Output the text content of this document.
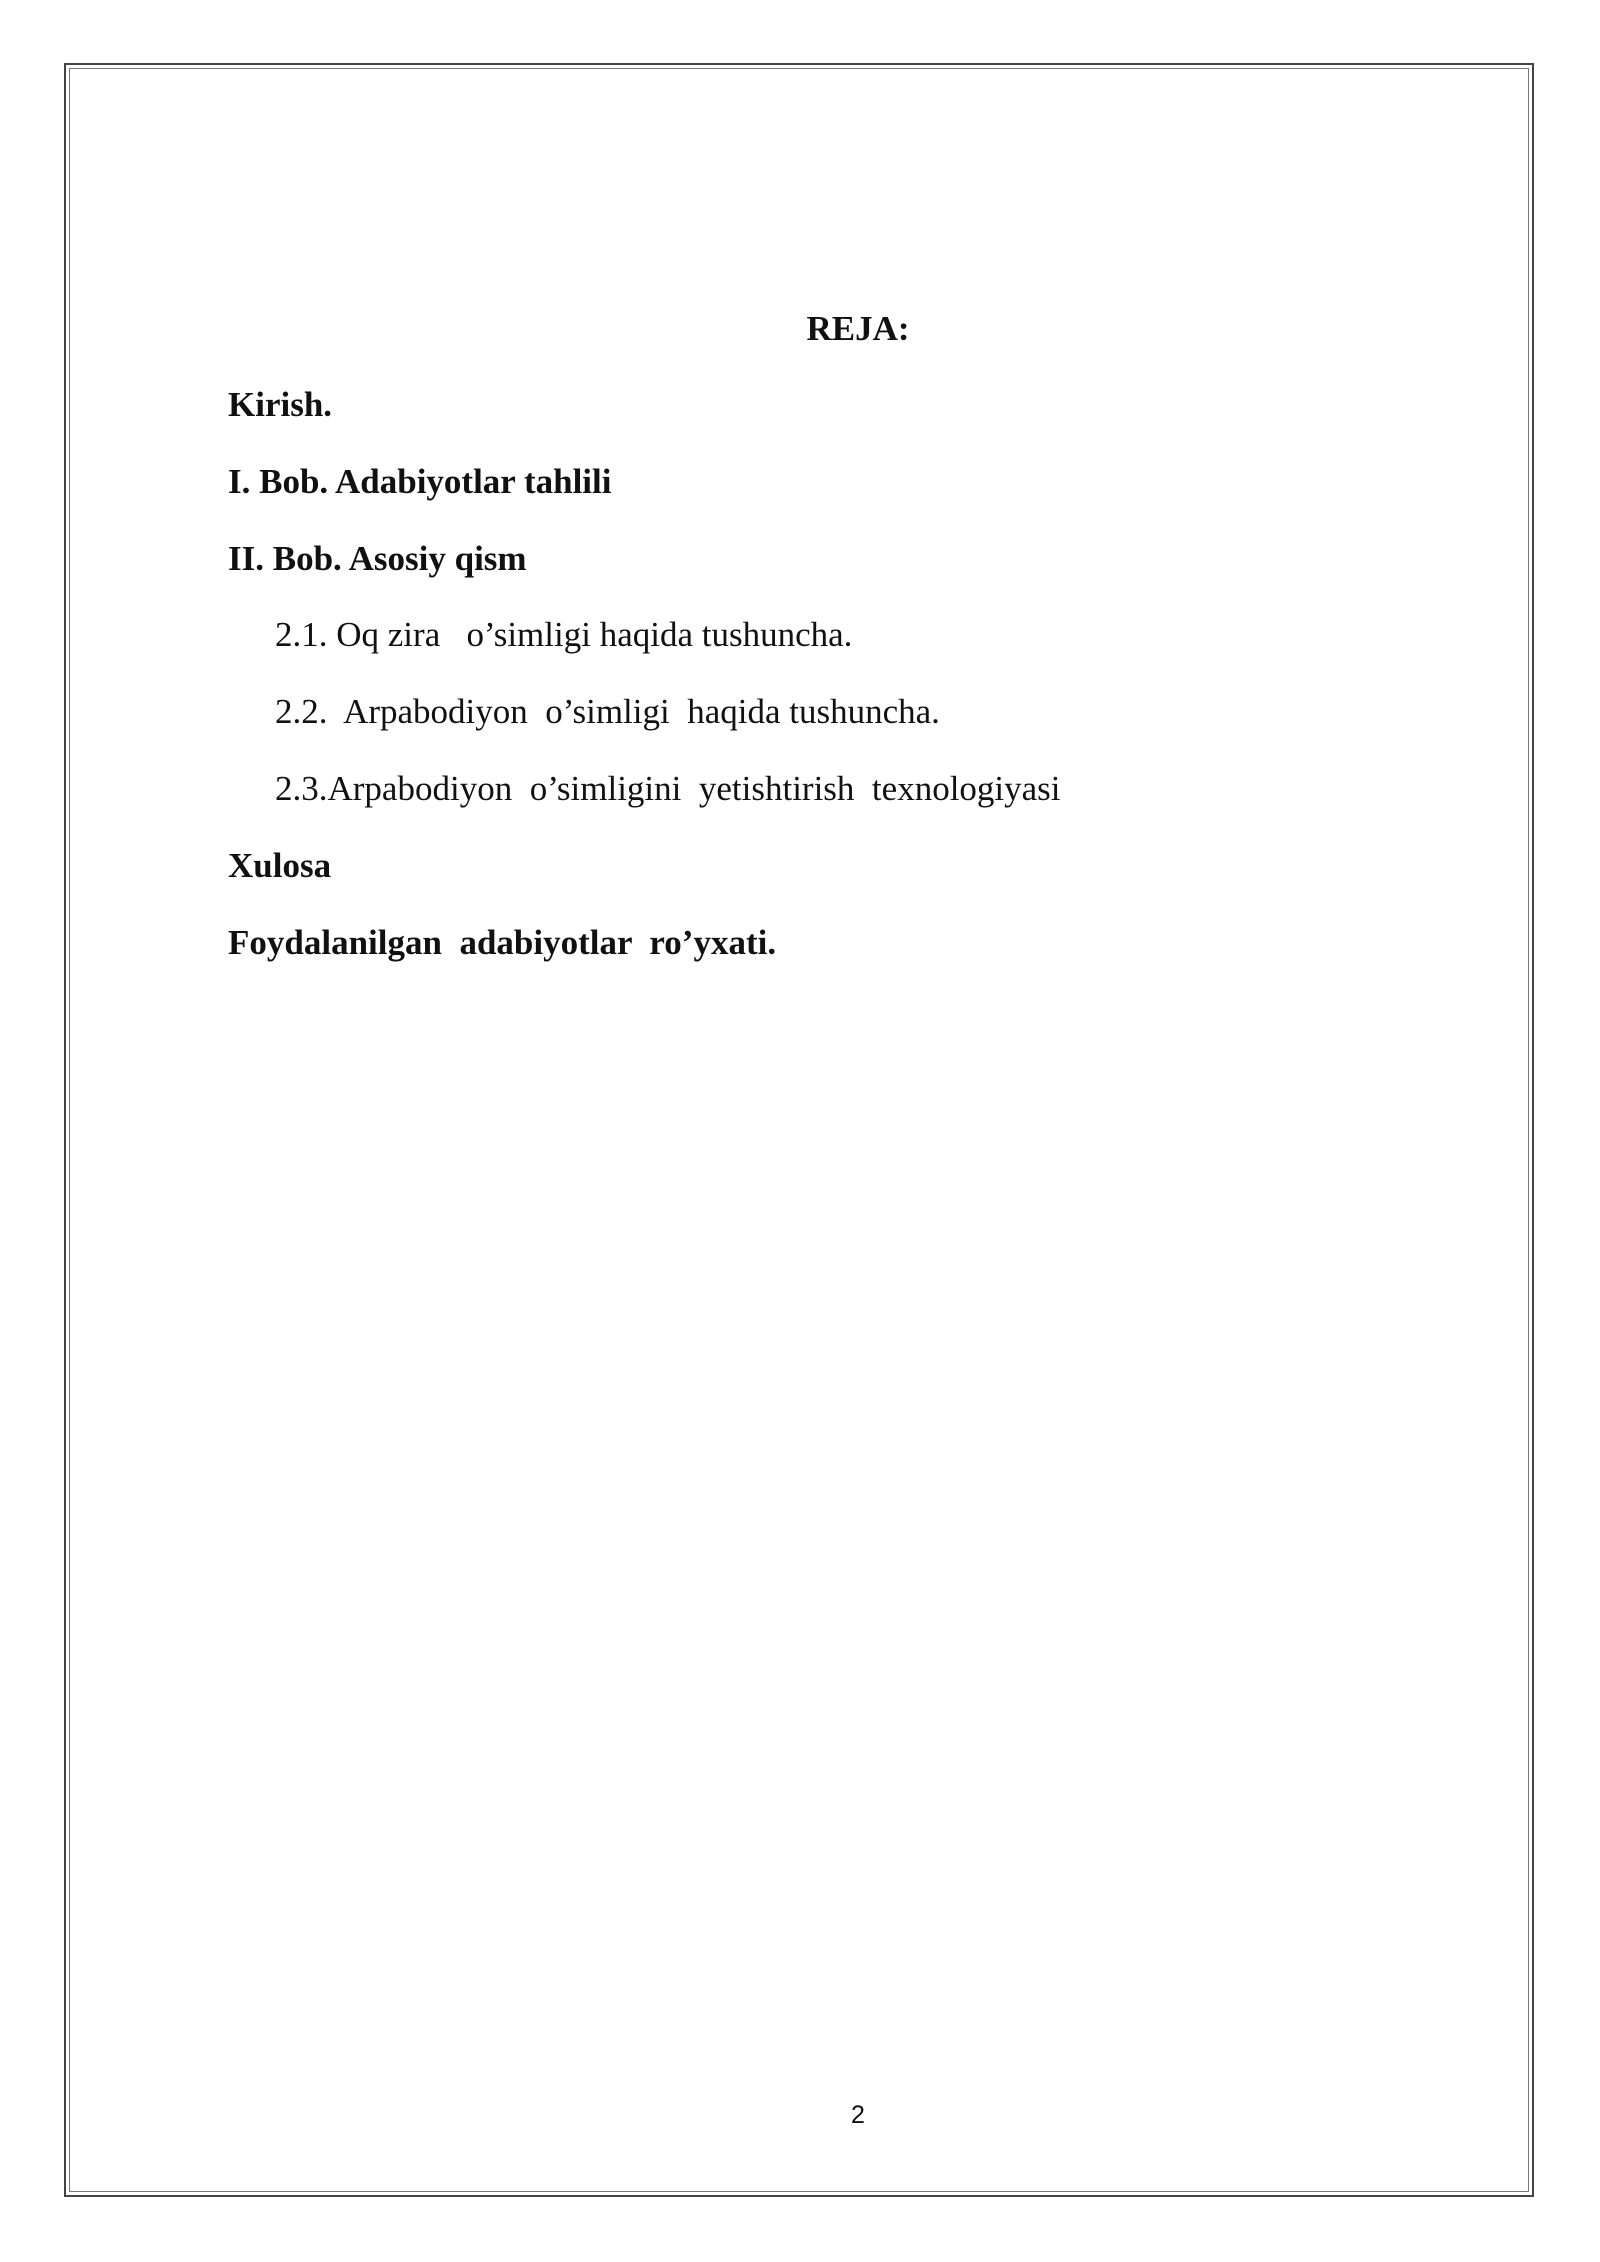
REJA:
Kirish.
I. Bob. Adabiyotlar tahlili
II. Bob. Asosiy qism
2.1. Oq zira   o’simligi haqida tushuncha.
2.2.  Arpabodiyon  o’simligi  haqida tushuncha.
2.3.Arpabodiyon  o’simligini  yetishtirish  texnologiyasi
Xulosa
Foydalanilgan  adabiyotlar  ro’yxati.
2
